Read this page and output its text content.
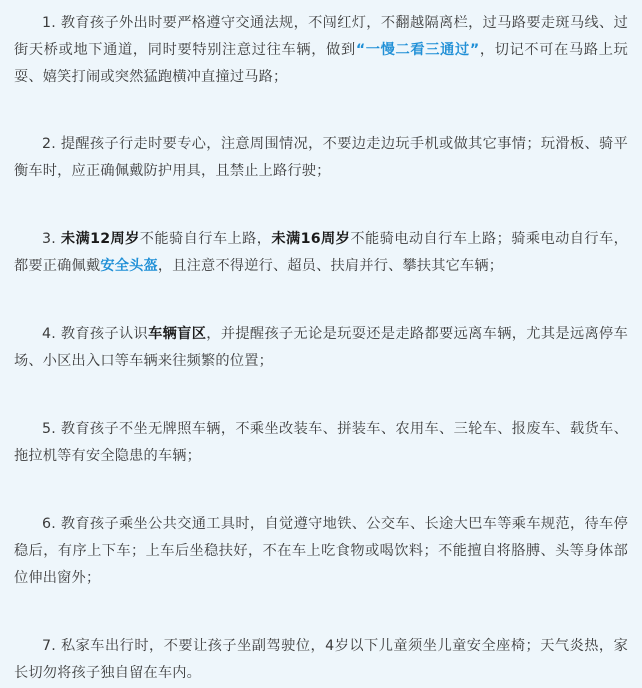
1. 教育孩子外出时要严格遵守交通法规，不闯红灯，不翻越隔离栏，过马路要走斑马线、过街天桥或地下通道，同时要特别注意过往车辆，做到“一慢二看三通过”，切记不可在马路上玩耍、嬉笑打闹或突然猛跑横冲直撞过马路；

2. 提醒孩子行走时要专心，注意周围情况，不要边走边玩手机或做其它事情；玩滑板、骑平衡车时，应正确佩戴防护用具，且禁止上路行驶；

3. 未满12周岁不能骑自行车上路，未满16周岁不能骑电动自行车上路；骑乘电动自行车，都要正确佩戴安全头盔，且注意不得逆行、超员、扶肩并行、攀扶其它车辆；

4. 教育孩子认识车辆盲区，并提醒孩子无论是玩耍还是走路都要远离车辆，尤其是远离停车场、小区出入口等车辆来往频繁的位置；

5. 教育孩子不坐无牌照车辆，不乘坐改装车、拼装车、农用车、三轮车、报废车、载货车、拖拉机等有安全隐患的车辆；

6. 教育孩子乘坐公共交通工具时，自觉遵守地铁、公交车、长途大巴车等乘车规范，待车停稳后，有序上下车；上车后坐稳扶好，不在车上吃食物或喝饮料；不能擅自将胳膊、头等身体部位伸出窗外；

7. 私家车出行时，不要让孩子坐副驾驶位，4岁以下儿童须坐儿童安全座椅；天气炎热，家长切勿将孩子独自留在车内。
